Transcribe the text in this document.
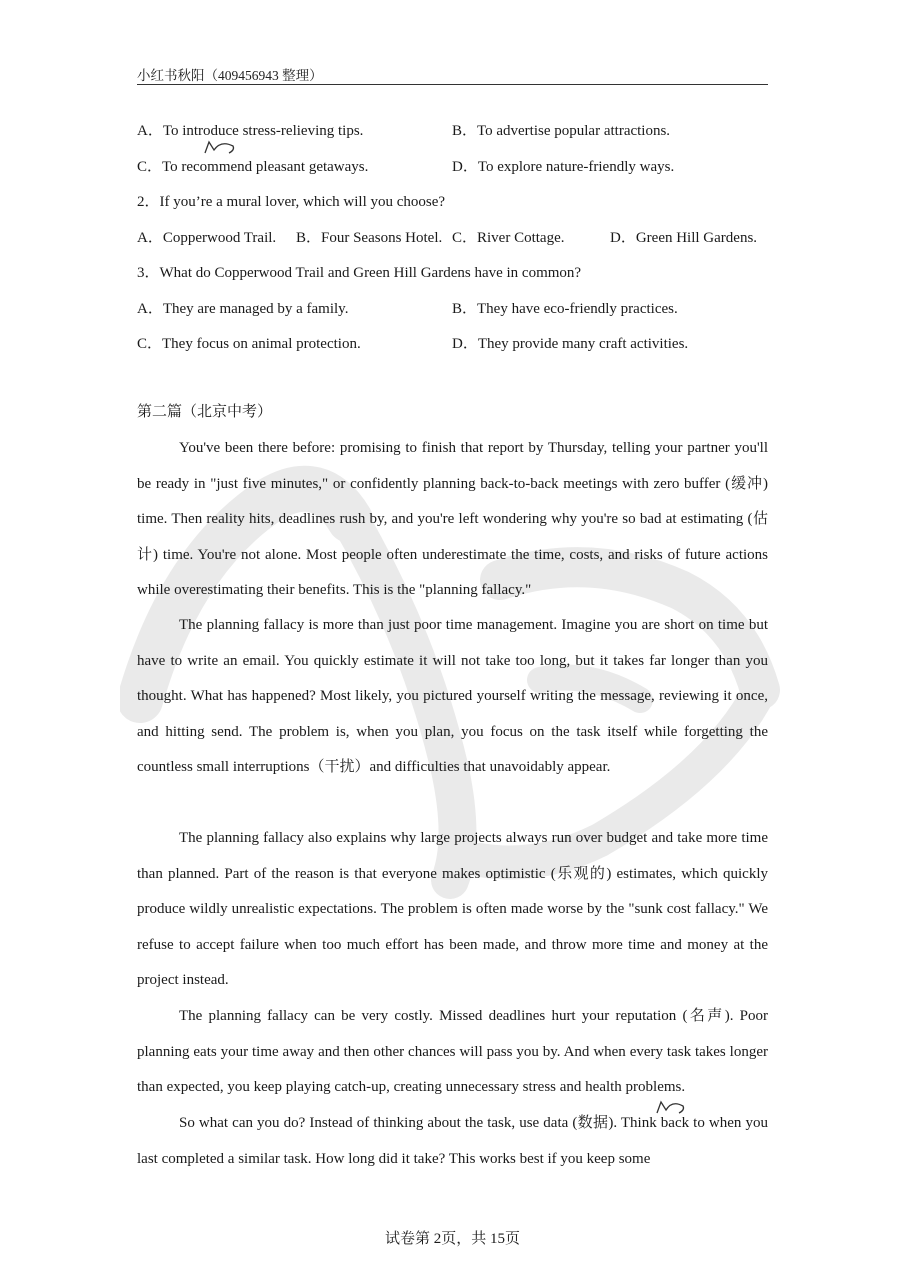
小红书秋阳（409456943 整理）
A．To introduce stress-relieving tips.	B．To advertise popular attractions.
C．To recommend pleasant getaways.	D．To explore nature-friendly ways.
2．If you’re a mural lover, which will you choose?
A．Copperwood Trail. B．Four Seasons Hotel. C．River Cottage.	D．Green Hill Gardens.
3．What do Copperwood Trail and Green Hill Gardens have in common?
A．They are managed by a family.	B．They have eco-friendly practices.
C．They focus on animal protection.	D．They provide many craft activities.
第二篇（北京中考）

You've been there before: promising to finish that report by Thursday, telling your partner you'll be ready in "just five minutes," or confidently planning back-to-back meetings with zero buffer (缓冲) time. Then reality hits, deadlines rush by, and you're left wondering why you're so bad at estimating (估计) time. You're not alone. Most people often underestimate the time, costs, and risks of future actions while overestimating their benefits. This is the "planning fallacy."

The planning fallacy is more than just poor time management. Imagine you are short on time but have to write an email. You quickly estimate it will not take too long, but it takes far longer than you thought. What has happened? Most likely, you pictured yourself writing the message, reviewing it once, and hitting send. The problem is, when you plan, you focus on the task itself while forgetting the countless small interruptions（干扰）and difficulties that unavoidably appear.

The planning fallacy also explains why large projects always run over budget and take more time than planned. Part of the reason is that everyone makes optimistic (乐观的) estimates, which quickly produce wildly unrealistic expectations. The problem is often made worse by the "sunk cost fallacy." We refuse to accept failure when too much effort has been made, and throw more time and money at the project instead.

The planning fallacy can be very costly. Missed deadlines hurt your reputation (名声). Poor planning eats your time away and then other chances will pass you by. And when every task takes longer than expected, you keep playing catch-up, creating unnecessary stress and health problems.

So what can you do? Instead of thinking about the task, use data (数据). Think back to when you last completed a similar task. How long did it take? This works best if you keep some

试卷第 2页，共 15页
